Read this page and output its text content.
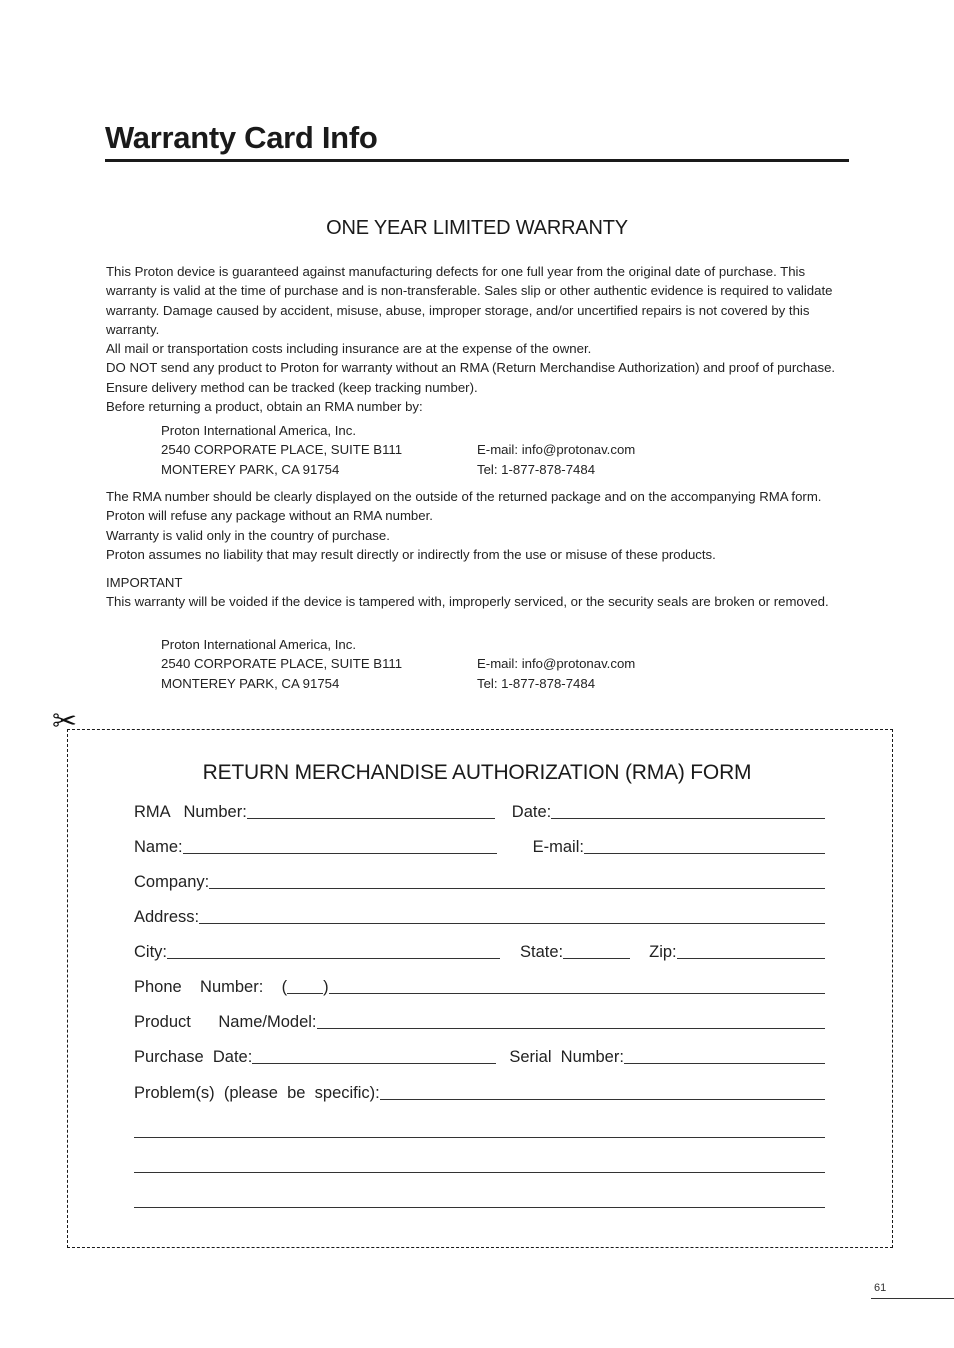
Warranty Card Info
ONE YEAR LIMITED WARRANTY

This Proton device is guaranteed against manufacturing defects for one full year from the original date of purchase. This warranty is valid at the time of purchase and is non-transferable. Sales slip or other authentic evidence is required to validate warranty. Damage caused by accident, misuse, abuse, improper storage, and/or uncertified repairs is not covered by this warranty.

All mail or transportation costs including insurance are at the expense of the owner.

DO NOT send any product to Proton for warranty without an RMA (Return Merchandise Authorization) and proof of purchase. Ensure delivery method can be tracked (keep tracking number).

Before returning a product, obtain an RMA number by:

Proton International America, Inc.
2540 CORPORATE PLACE, SUITE B111	E-mail: info@protonav.com
MONTEREY PARK, CA 91754	Tel: 1-877-878-7484

The RMA number should be clearly displayed on the outside of the returned package and on the accompanying RMA form. Proton will refuse any package without an RMA number.

Warranty is valid only in the country of purchase.

Proton assumes no liability that may result directly or indirectly from the use or misuse of these products.

IMPORTANT

This warranty will be voided if the device is tampered with, improperly serviced, or the security seals are broken or removed.

Proton International America, Inc.
2540 CORPORATE PLACE, SUITE B111	E-mail: info@protonav.com
MONTEREY PARK, CA 91754	Tel: 1-877-878-7484
✂
RETURN MERCHANDISE AUTHORIZATION (RMA) FORM
RMA   Number:	Date:
Name:	E-mail:
Company:
Address:
City:	State:	Zip:
Phone    Number:    ( )
Product      Name/Model:
Purchase  Date:	Serial  Number:
Problem(s)  (please  be  specific):
61
